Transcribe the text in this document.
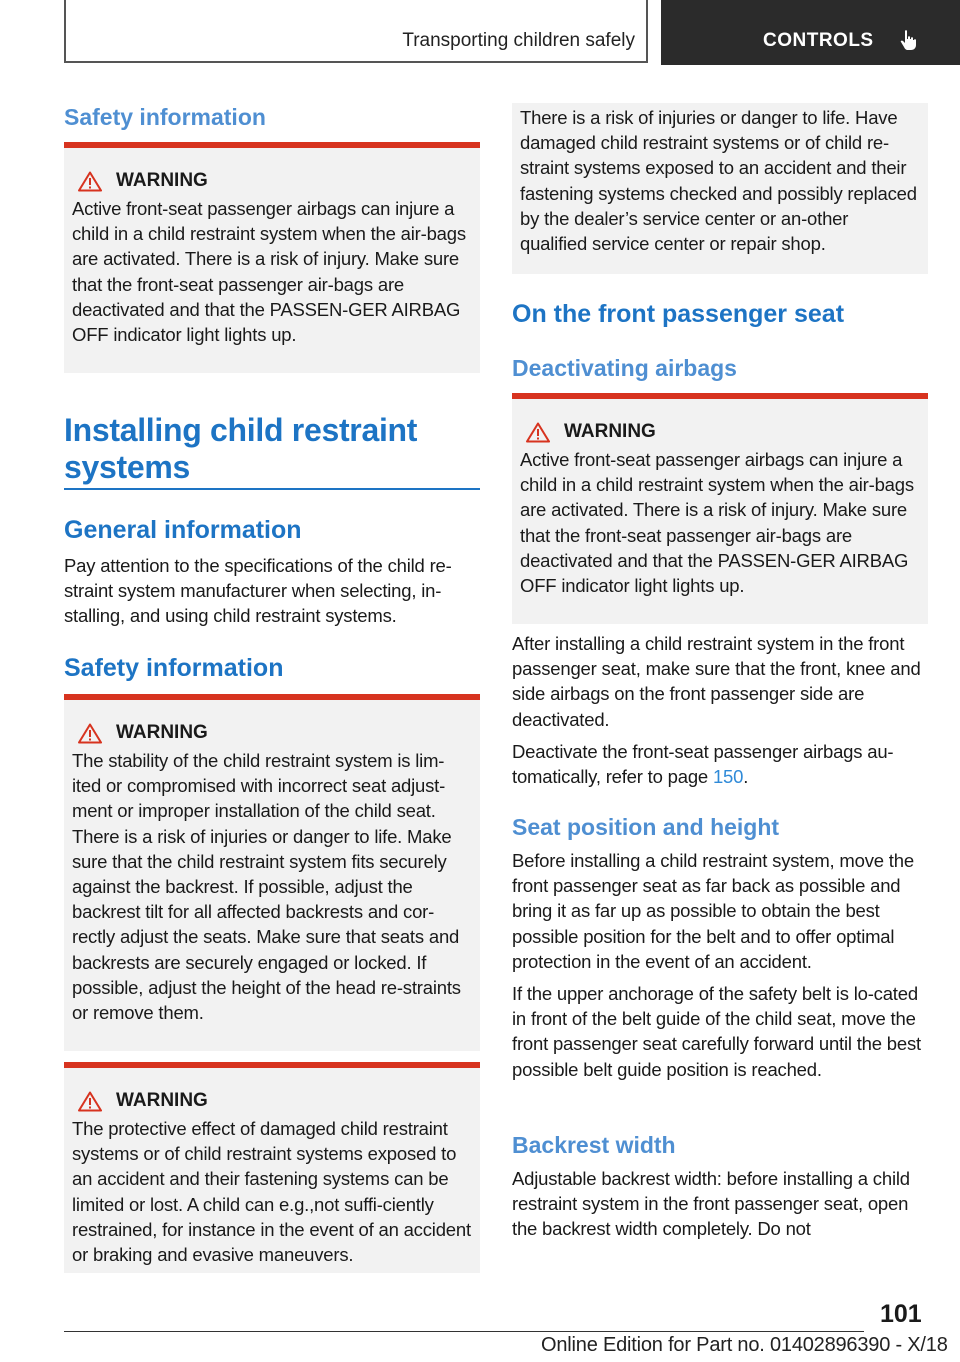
Transporting children safely	CONTROLS
Safety information
WARNING
Active front-seat passenger airbags can injure a child in a child restraint system when the air-bags are activated. There is a risk of injury. Make sure that the front-seat passenger air-bags are deactivated and that the PASSEN-GER AIRBAG OFF indicator light lights up.
Installing child restraint systems
General information
Pay attention to the specifications of the child re-straint system manufacturer when selecting, in-stalling, and using child restraint systems.
Safety information
WARNING
The stability of the child restraint system is lim-ited or compromised with incorrect seat adjust-ment or improper installation of the child seat. There is a risk of injuries or danger to life. Make sure that the child restraint system fits securely against the backrest. If possible, adjust the backrest tilt for all affected backrests and cor-rectly adjust the seats. Make sure that seats and backrests are securely engaged or locked. If possible, adjust the height of the head re-straints or remove them.
WARNING
The protective effect of damaged child restraint systems or of child restraint systems exposed to an accident and their fastening systems can be limited or lost. A child can e.g.,not suffi-ciently restrained, for instance in the event of an accident or braking and evasive maneuvers.
There is a risk of injuries or danger to life. Have damaged child restraint systems or of child re-straint systems exposed to an accident and their fastening systems checked and possibly replaced by the dealer’s service center or an-other qualified service center or repair shop.
On the front passenger seat
Deactivating airbags
WARNING
Active front-seat passenger airbags can injure a child in a child restraint system when the air-bags are activated. There is a risk of injury. Make sure that the front-seat passenger air-bags are deactivated and that the PASSEN-GER AIRBAG OFF indicator light lights up.
After installing a child restraint system in the front passenger seat, make sure that the front, knee and side airbags on the front passenger side are deactivated.
Deactivate the front-seat passenger airbags au-tomatically, refer to page 150.
Seat position and height
Before installing a child restraint system, move the front passenger seat as far back as possible and bring it as far up as possible to obtain the best possible position for the belt and to offer optimal protection in the event of an accident.
If the upper anchorage of the safety belt is lo-cated in front of the belt guide of the child seat, move the front passenger seat carefully forward until the best possible belt guide position is reached.
Backrest width
Adjustable backrest width: before installing a child restraint system in the front passenger seat, open the backrest width completely. Do not
101
Online Edition for Part no. 01402896390 - X/18
